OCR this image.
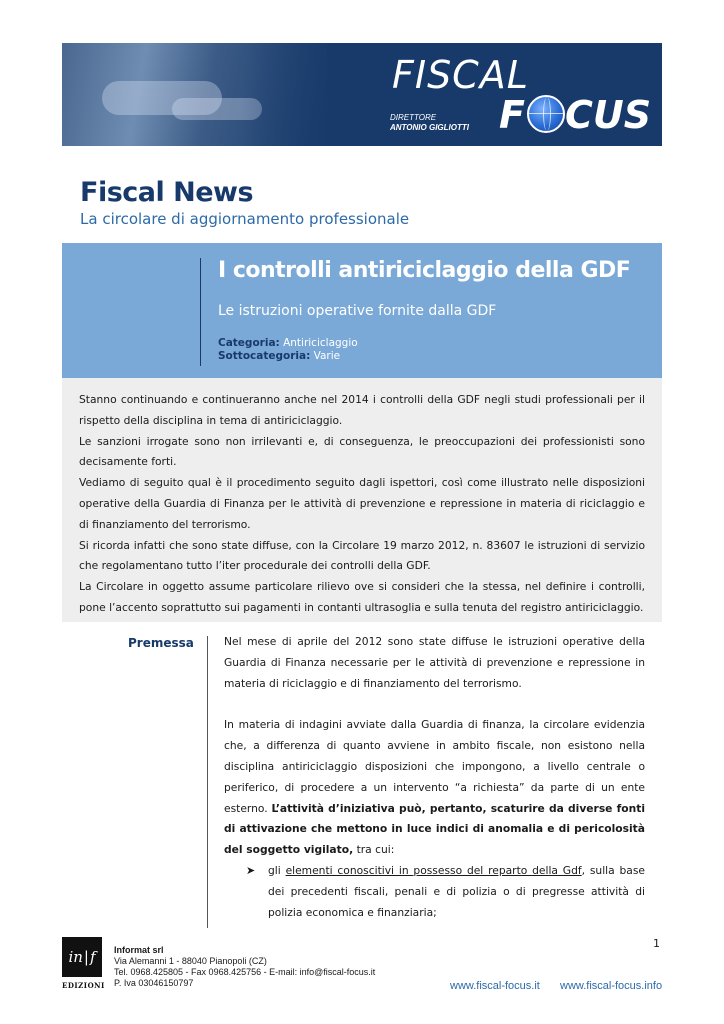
FISCAL
DIRETTORE
ANTONIO GIGLIOTTI F CUS
Fiscal News
La circolare di aggiornamento professionale
I controlli antiriciclaggio della GDF
Le istruzioni operative fornite dalla GDF
Categoria: Antiriciclaggio
Sottocategoria: Varie

Stanno continuando e continueranno anche nel 2014 i controlli della GDF negli studi professionali per il rispetto della disciplina in tema di antiriciclaggio.

Le sanzioni irrogate sono non irrilevanti e, di conseguenza, le preoccupazioni dei professionisti sono decisamente forti.

Vediamo di seguito qual è il procedimento seguito dagli ispettori, così come illustrato nelle disposizioni operative della Guardia di Finanza per le attività di prevenzione e repressione in materia di riciclaggio e di finanziamento del terrorismo.

Si ricorda infatti che sono state diffuse, con la Circolare 19 marzo 2012, n. 83607 le istruzioni di servizio che regolamentano tutto l’iter procedurale dei controlli della GDF.

La Circolare in oggetto assume particolare rilievo ove si consideri che la stessa, nel definire i controlli, pone l’accento soprattutto sui pagamenti in contanti ultrasoglia e sulla tenuta del registro antiriciclaggio.

Premessa	Nel mese di aprile del 2012 sono state diffuse le istruzioni operative della Guardia di Finanza necessarie per le attività di prevenzione e repressione in materia di riciclaggio e di finanziamento del terrorismo.

In materia di indagini avviate dalla Guardia di finanza, la circolare evidenzia che, a differenza di quanto avviene in ambito fiscale, non esistono nella disciplina antiriciclaggio disposizioni che impongono, a livello centrale o periferico, di procedere a un intervento “a richiesta” da parte di un ente esterno. L’attività d’iniziativa può, pertanto, scaturire da diverse fonti di attivazione che mettono in luce indici di anomalia e di pericolosità del soggetto vigilato, tra cui:

➤ gli elementi conoscitivi in possesso del reparto della Gdf, sulla base dei precedenti fiscali, penali e di polizia o di pregresse attività di polizia economica e finanziaria;

1
in | f
EDIZIONI
Informat srl
Via Alemanni 1 - 88040 Pianopoli (CZ)
Tel. 0968.425805 - Fax 0968.425756 - E-mail: info@fiscal-focus.it
P. Iva 03046150797	www.fiscal-focus.it www.fiscal-focus.info
